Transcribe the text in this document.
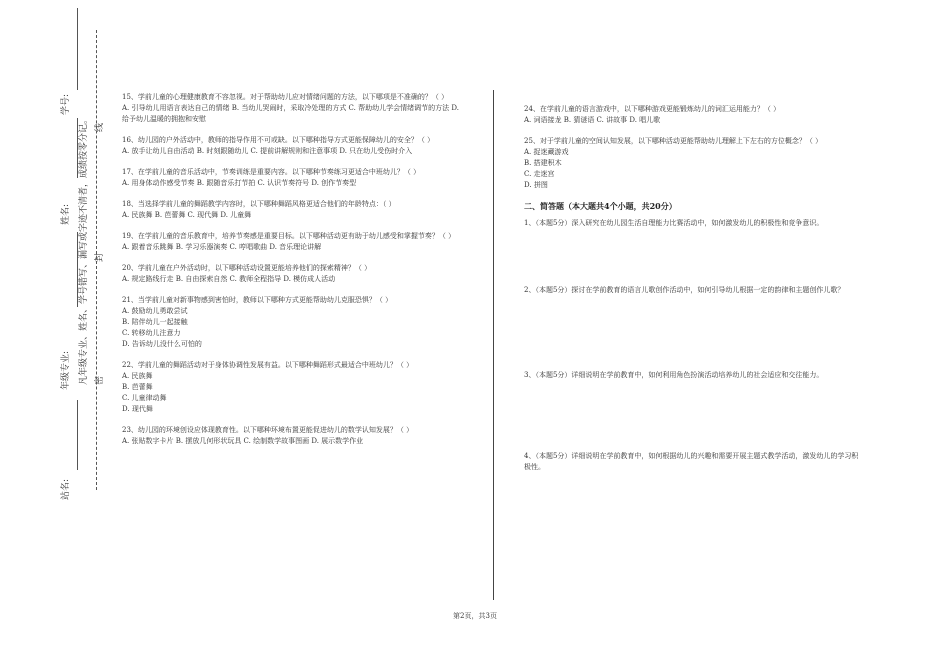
学号:
姓名:
年级专业:
站名:
凡年级专业、姓名、学号错写、漏写或字迹不清者，成绩按零分记。 密
封
线

15、学前儿童的心理健康教育不容忽视。对于帮助幼儿应对情绪问题的方法，以下哪项是不准确的？（ ）

A. 引导幼儿用语言表达自己的情绪 B. 当幼儿哭闹时，采取冷处理的方式 C. 帮助幼儿学会情绪调节的方法 D. 给予幼儿温暖的拥抱和安慰

16、幼儿园的户外活动中，教师的指导作用不可或缺。以下哪种指导方式更能保障幼儿的安全？（ ）

A. 放手让幼儿自由活动 B. 时刻跟随幼儿 C. 提前讲解规则和注意事项 D. 只在幼儿受伤时介入

17、在学前儿童的音乐活动中，节奏训练是重要内容。以下哪种节奏练习更适合中班幼儿？（ ）

A. 用身体动作感受节奏 B. 跟随音乐打节拍 C. 认识节奏符号 D. 创作节奏型

18、当选择学前儿童的舞蹈教学内容时，以下哪种舞蹈风格更适合他们的年龄特点：（ ）

A. 民族舞 B. 芭蕾舞 C. 现代舞 D. 儿童舞

19、在学前儿童的音乐教育中，培养节奏感是重要目标。以下哪种活动更有助于幼儿感受和掌握节奏？（ ）

A. 跟着音乐跳舞 B. 学习乐器演奏 C. 哼唱歌曲 D. 音乐理论讲解

20、学前儿童在户外活动时，以下哪种活动设置更能培养他们的探索精神？（ ）

A. 规定路线行走 B. 自由探索自然 C. 教师全程指导 D. 模仿成人活动

21、当学前儿童对新事物感到害怕时，教师以下哪种方式更能帮助幼儿克服恐惧？（ ）

A. 鼓励幼儿勇敢尝试

B. 陪伴幼儿一起接触

C. 转移幼儿注意力

D. 告诉幼儿没什么可怕的

22、学前儿童的舞蹈活动对于身体协调性发展有益。以下哪种舞蹈形式最适合中班幼儿？（ ）

A. 民族舞

B. 芭蕾舞

C. 儿童律动舞

D. 现代舞

23、幼儿园的环境创设应体现教育性。以下哪种环境布置更能促进幼儿的数学认知发展？（ ）

A. 张贴数字卡片 B. 摆放几何形状玩具 C. 绘制数学故事图画 D. 展示数学作业

24、在学前儿童的语言游戏中，以下哪种游戏更能锻炼幼儿的词汇运用能力？（ ）

A. 词语接龙 B. 猜谜语 C. 讲故事 D. 唱儿歌

25、对于学前儿童的空间认知发展，以下哪种活动更能帮助幼儿理解上下左右的方位概念？（ ）

A. 捉迷藏游戏

B. 搭建积木

C. 走迷宫

D. 拼图

二、简答题（本大题共4个小题，共20分）

1、（本题5分）深入研究在幼儿园生活自理能力比赛活动中，如何激发幼儿的积极性和竞争意识。

2、（本题5分）探讨在学前教育的语言儿歌创作活动中，如何引导幼儿根据一定的韵律和主题创作儿歌？

3、（本题5分）详细说明在学前教育中，如何利用角色扮演活动培养幼儿的社会适应和交往能力。

4、（本题5分）详细说明在学前教育中，如何根据幼儿的兴趣和需要开展主题式教学活动，激发幼儿的学习积极性。

第2页，共3页
